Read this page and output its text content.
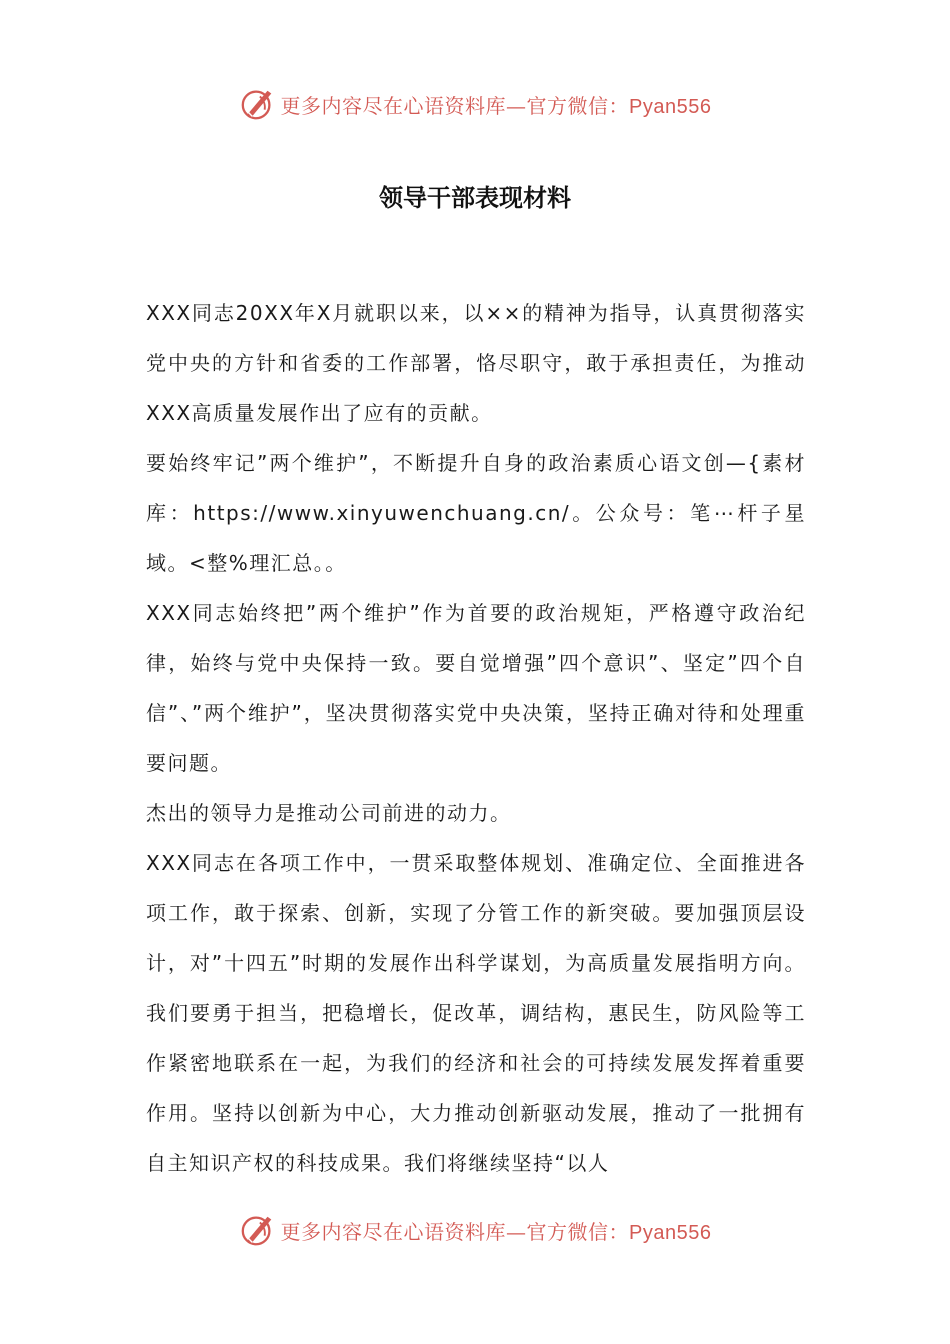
更多内容尽在心语资料库—官方微信：Pyan556
领导干部表现材料

XXX同志20XX年X月就职以来，以××的精神为指导，认真贯彻落实党中央的方针和省委的工作部署，恪尽职守，敢于承担责任，为推动XXX高质量发展作出了应有的贡献。

要始终牢记”两个维护”，不断提升自身的政治素质心语文创—{素材库：https://www.xinyuwenchuang.cn/。公众号：笔⋯杆子星域。<整%理汇总。。

XXX同志始终把”两个维护”作为首要的政治规矩，严格遵守政治纪律，始终与党中央保持一致。要自觉增强”四个意识”、坚定”四个自信”、”两个维护”，坚决贯彻落实党中央决策，坚持正确对待和处理重要问题。

杰出的领导力是推动公司前进的动力。

XXX同志在各项工作中，一贯采取整体规划、准确定位、全面推进各项工作，敢于探索、创新，实现了分管工作的新突破。要加强顶层设计，对”十四五”时期的发展作出科学谋划，为高质量发展指明方向。我们要勇于担当，把稳增长，促改革，调结构，惠民生，防风险等工作紧密地联系在一起，为我们的经济和社会的可持续发展发挥着重要作用。坚持以创新为中心，大力推动创新驱动发展，推动了一批拥有自主知识产权的科技成果。我们将继续坚持“以人

更多内容尽在心语资料库—官方微信：Pyan556
